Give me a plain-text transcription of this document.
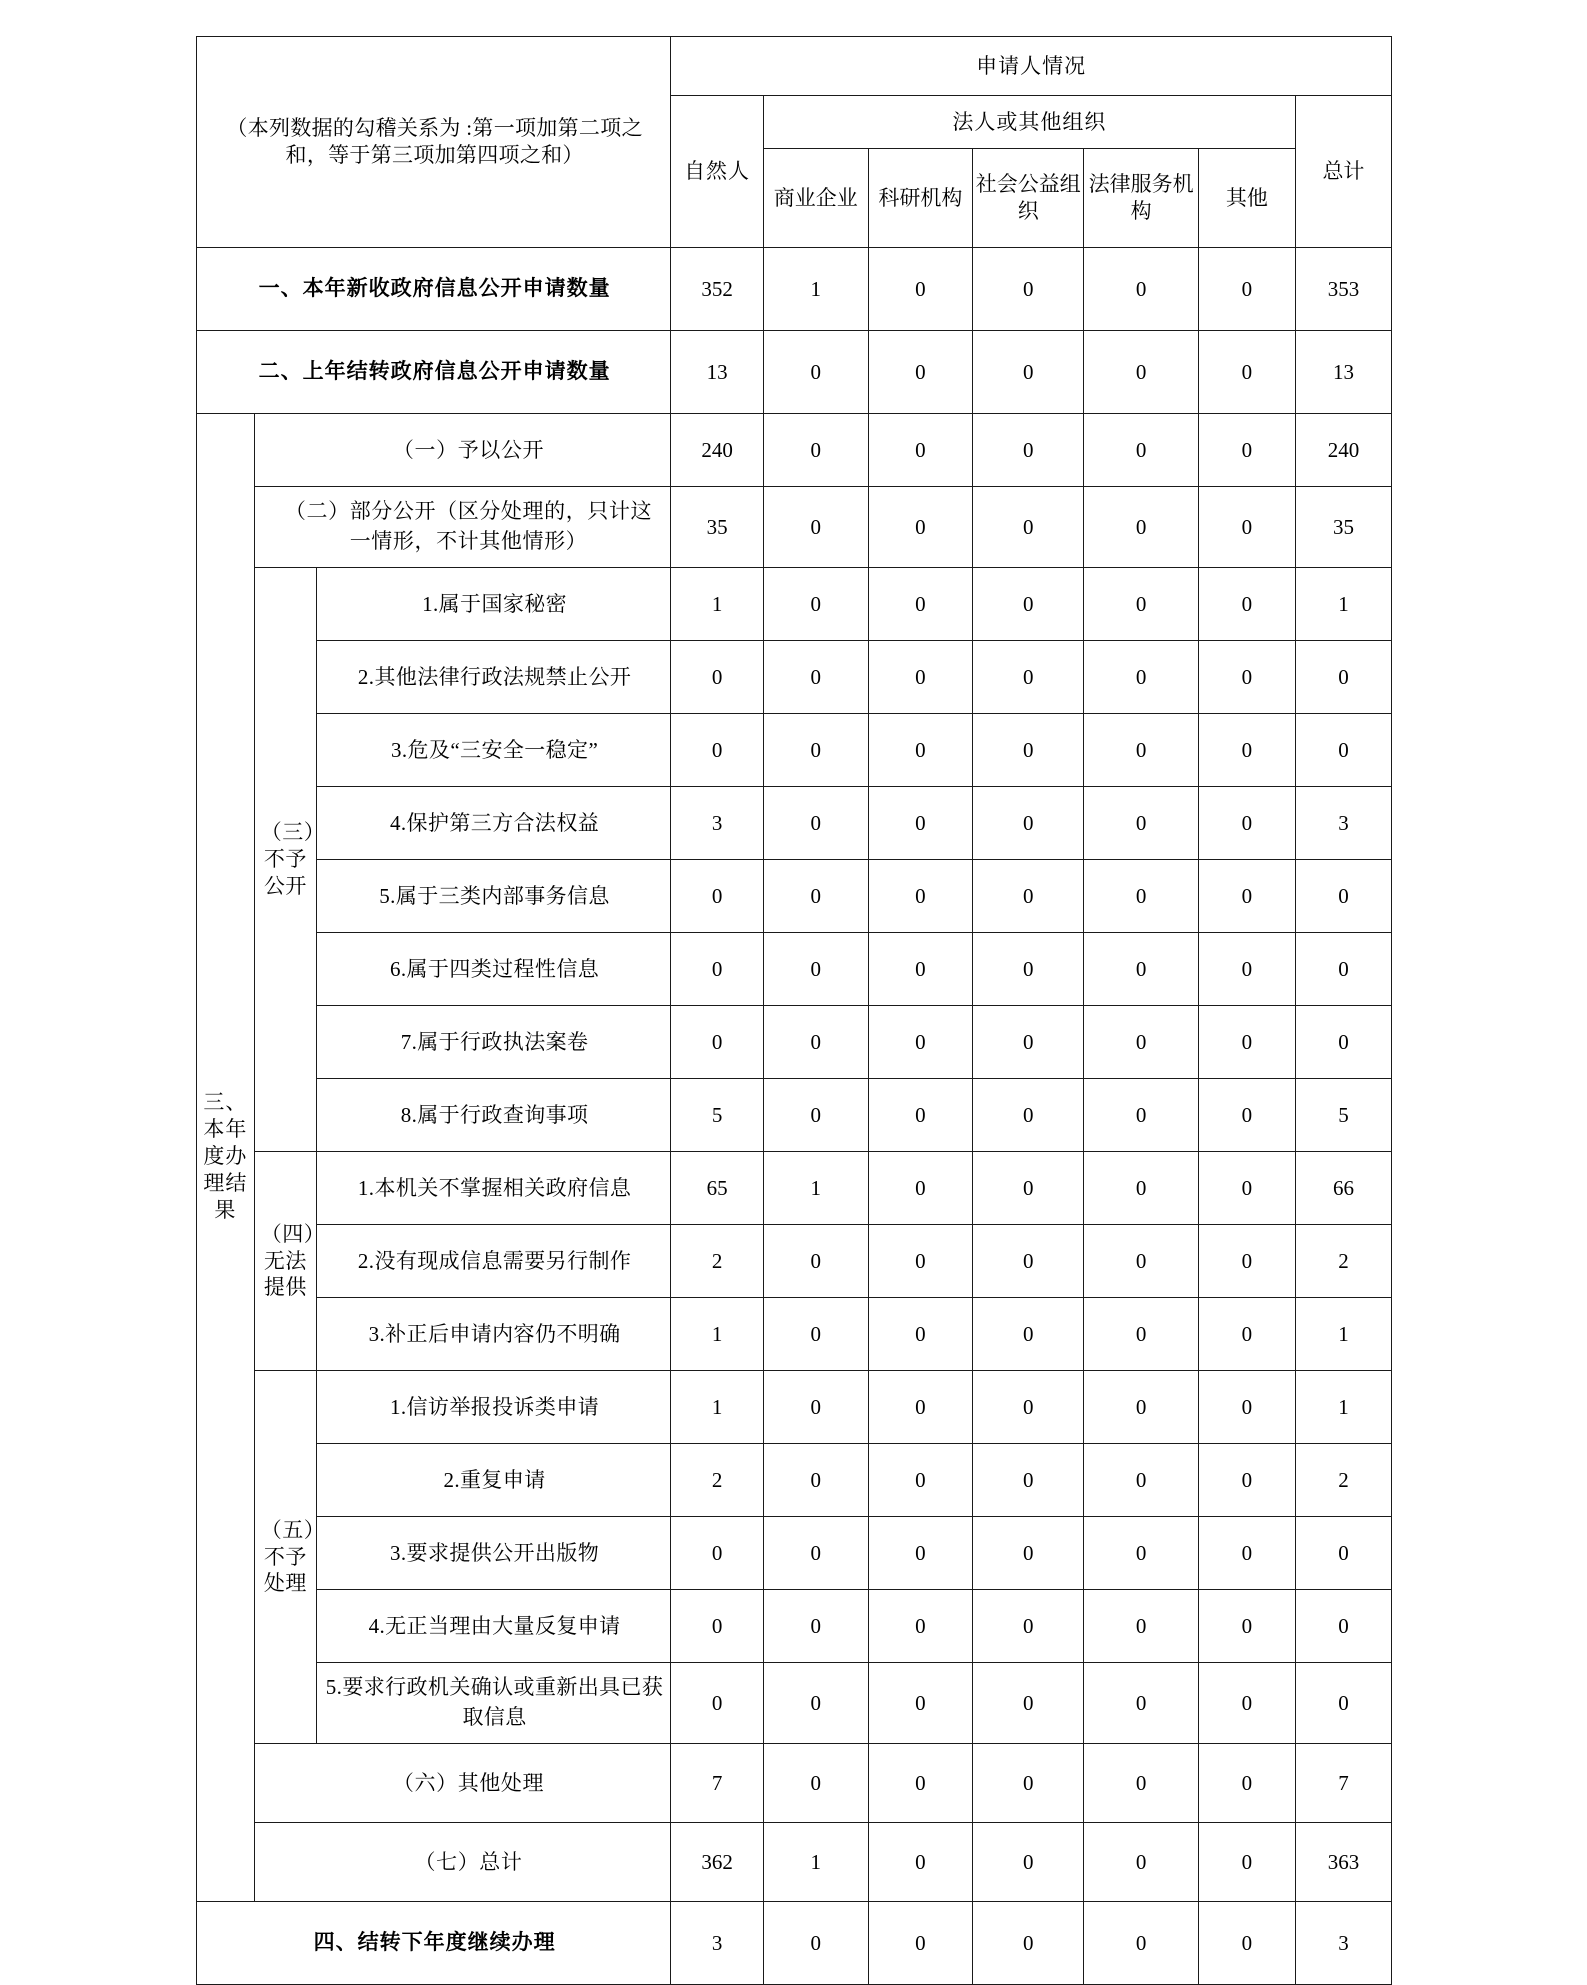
（本列数据的勾稽关系为 :第一项加第二项之和，等于第三项加第四项之和）			申请人情况						
			自然人	法人或其他组织					总计
				商业企业	科研机构	社会公益组织	法律服务机构	其他	
一、本年新收政府信息公开申请数量			352	1	0	0	0	0	353
二、上年结转政府信息公开申请数量			13	0	0	0	0	0	13
三、本年度办理结果	（一）予以公开		240	0	0	0	0	0	240
	（二）部分公开（区分处理的，只计这一情形，不计其他情形）		35	0	0	0	0	0	35
	（三）不予公开	1.属于国家秘密	1	0	0	0	0	0	1
		2.其他法律行政法规禁止公开	0	0	0	0	0	0	0
		3.危及“三安全一稳定”	0	0	0	0	0	0	0
		4.保护第三方合法权益	3	0	0	0	0	0	3
		5.属于三类内部事务信息	0	0	0	0	0	0	0
		6.属于四类过程性信息	0	0	0	0	0	0	0
		7.属于行政执法案卷	0	0	0	0	0	0	0
		8.属于行政查询事项	5	0	0	0	0	0	5
	（四）无法提供	1.本机关不掌握相关政府信息	65	1	0	0	0	0	66
		2.没有现成信息需要另行制作	2	0	0	0	0	0	2
		3.补正后申请内容仍不明确	1	0	0	0	0	0	1
	（五）不予处理	1.信访举报投诉类申请	1	0	0	0	0	0	1
		2.重复申请	2	0	0	0	0	0	2
		3.要求提供公开出版物	0	0	0	0	0	0	0
		4.无正当理由大量反复申请	0	0	0	0	0	0	0
		5.要求行政机关确认或重新出具已获取信息	0	0	0	0	0	0	0
	（六）其他处理		7	0	0	0	0	0	7
	（七）总计		362	1	0	0	0	0	363
四、结转下年度继续办理			3	0	0	0	0	0	3
